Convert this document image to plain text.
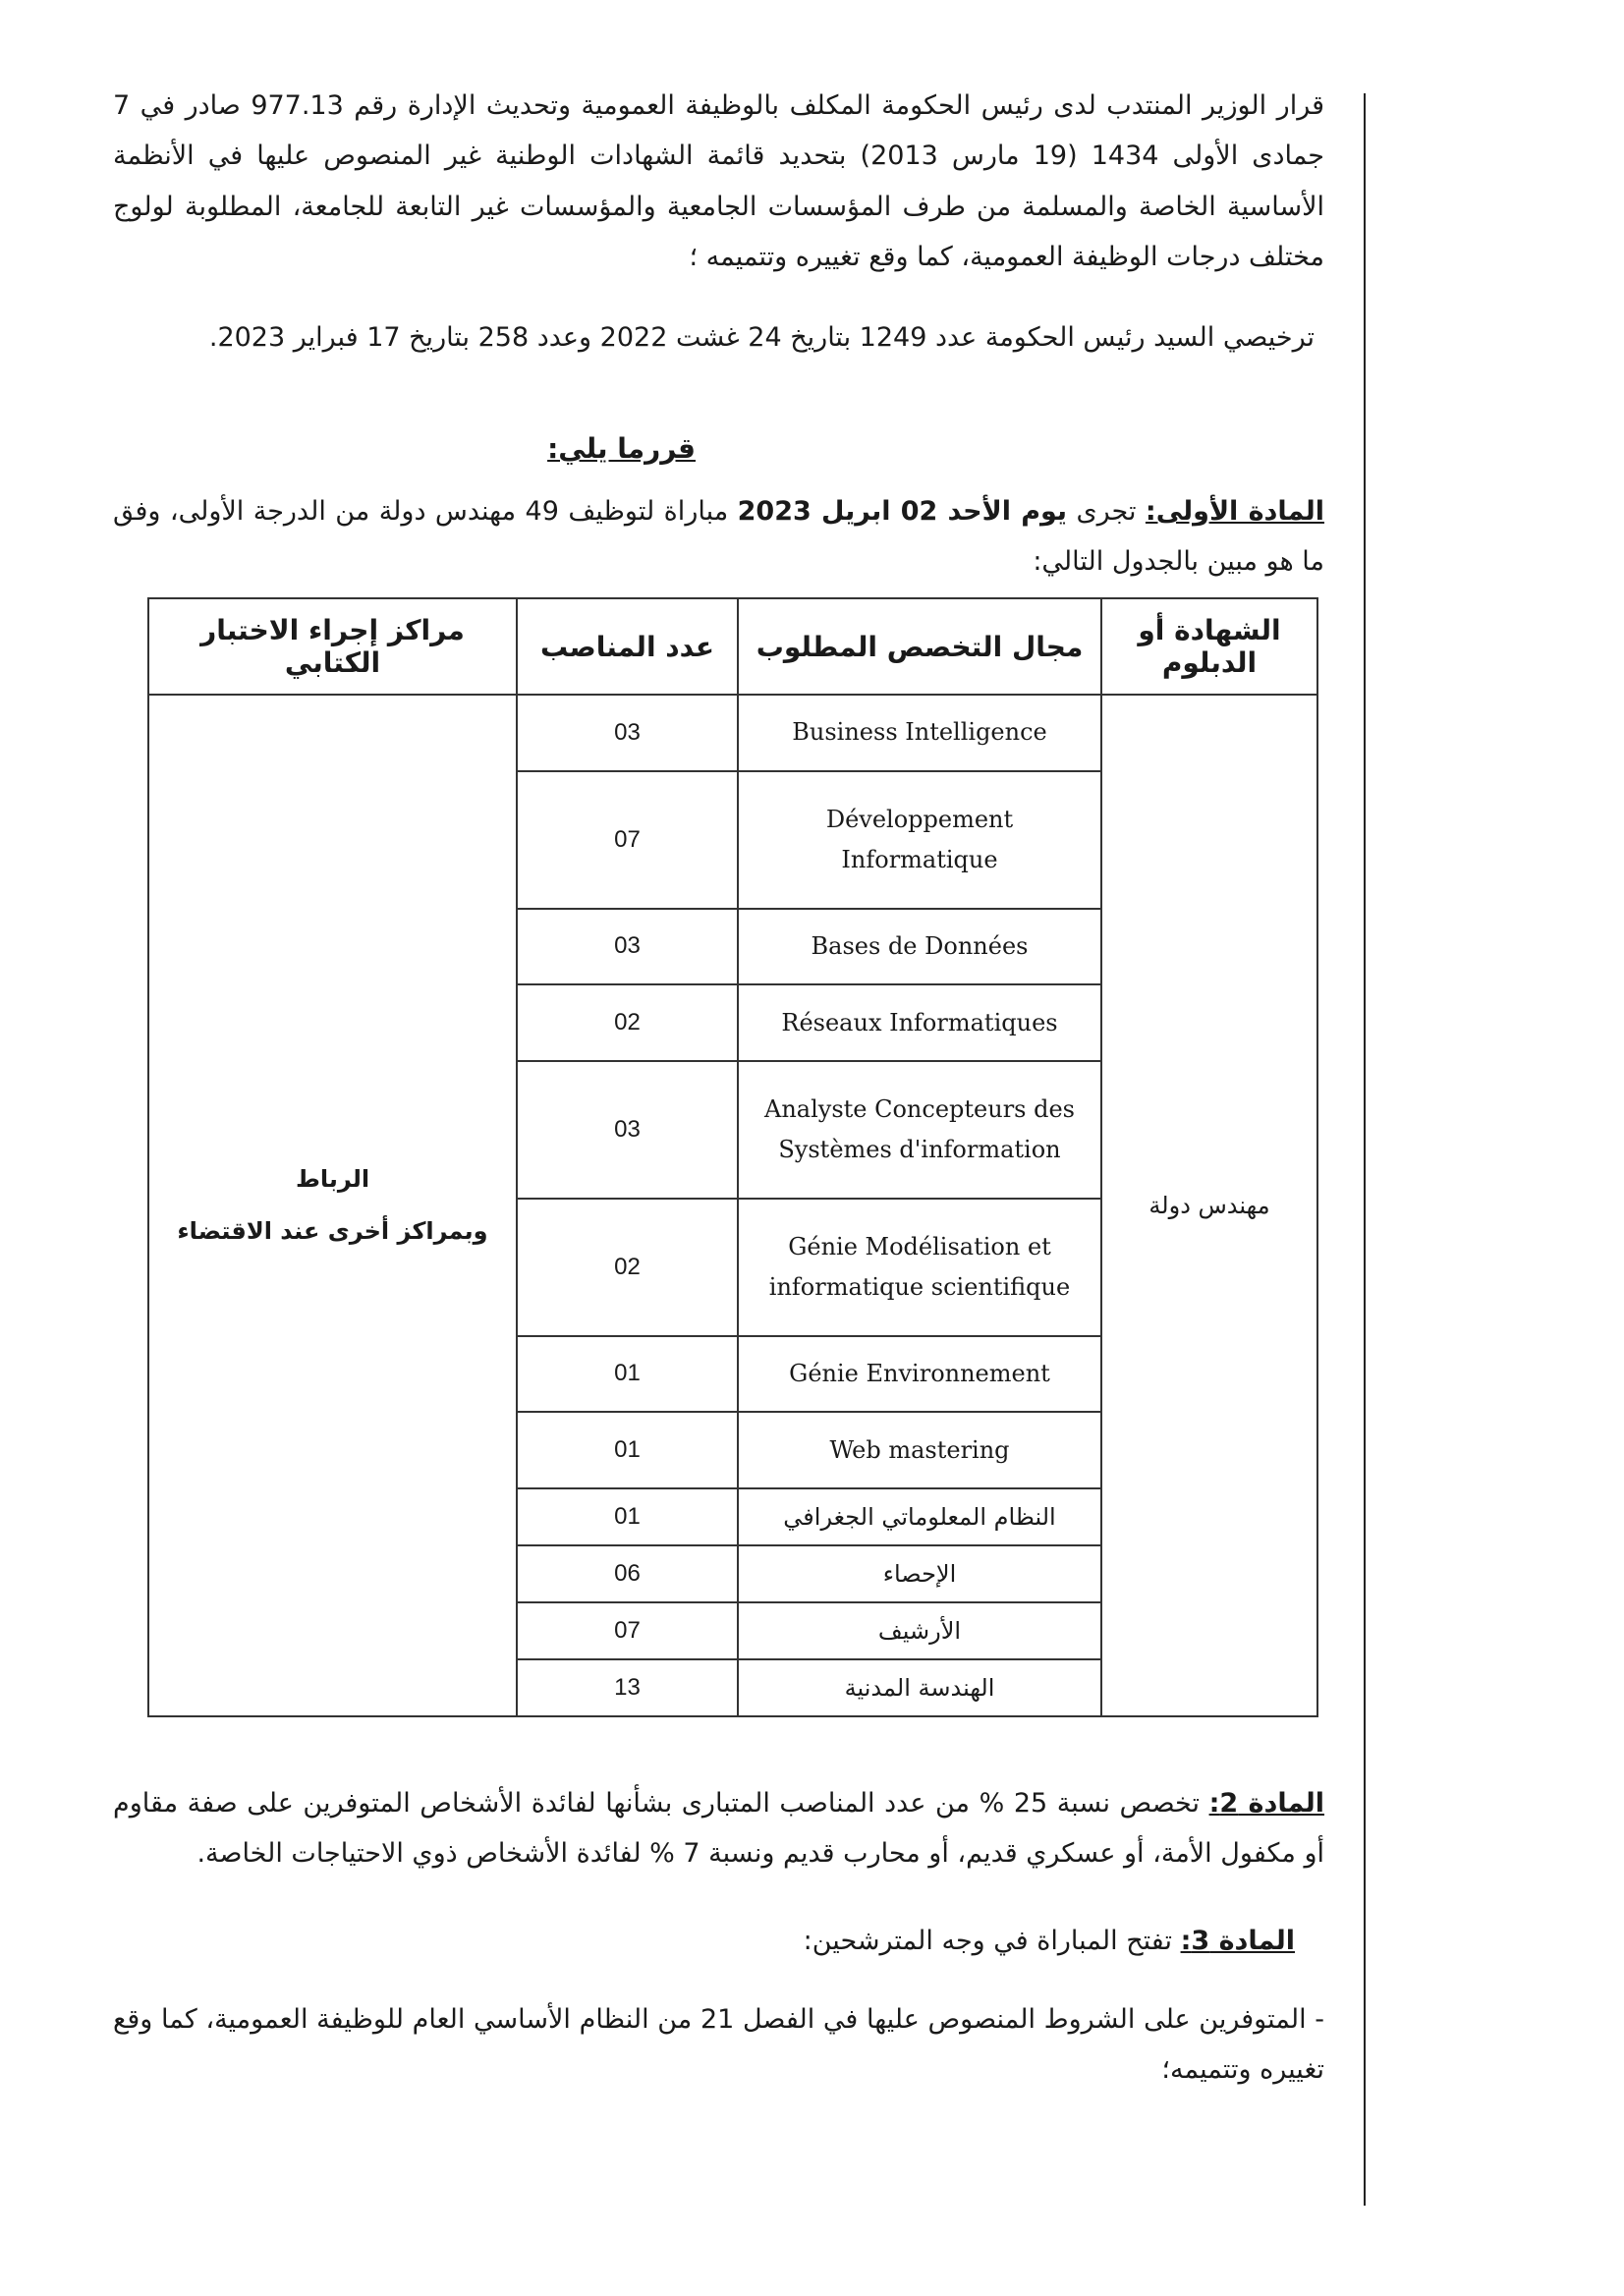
قرار الوزير المنتدب لدى رئيس الحكومة المكلف بالوظيفة العمومية وتحديث الإدارة رقم 977.13 صادر في 7 جمادى الأولى 1434 (19 مارس 2013) بتحديد قائمة الشهادات الوطنية غير المنصوص عليها في الأنظمة الأساسية الخاصة والمسلمة من طرف المؤسسات الجامعية والمؤسسات غير التابعة للجامعة، المطلوبة لولوج مختلف درجات الوظيفة العمومية، كما وقع تغييره وتتميمه ؛

ترخيصي السيد رئيس الحكومة عدد 1249 بتاريخ 24 غشت 2022 وعدد 258 بتاريخ 17 فبراير 2023.

قررما يلي:

المادة الأولى: تجرى يوم الأحد 02 ابريل 2023 مباراة لتوظيف 49 مهندس دولة من الدرجة الأولى، وفق ما هو مبين بالجدول التالي:

الشهادة أو الدبلوم	مجال التخصص المطلوب	عدد المناصب	مراكز إجراء الاختبار الكتابي
مهندس دولة	Business Intelligence	03	الرباط
وبمراكز أخرى عند الاقتضاء

	Développement Informatique	07	
	Bases de Données	03	
	Réseaux Informatiques	02	
	Analyste Concepteurs des Systèmes d'information	03	
	Génie Modélisation et informatique scientifique	02	
	Génie Environnement	01	
	Web mastering	01	
	النظام المعلوماتي الجغرافي	01	
	الإحصاء	06	
	الأرشيف	07	
	الهندسة المدنية	13	

المادة 2: تخصص نسبة 25 % من عدد المناصب المتبارى بشأنها لفائدة الأشخاص المتوفرين على صفة مقاوم أو مكفول الأمة، أو عسكري قديم، أو محارب قديم ونسبة 7 % لفائدة الأشخاص ذوي الاحتياجات الخاصة.

المادة 3: تفتح المباراة في وجه المترشحين:

- المتوفرين على الشروط المنصوص عليها في الفصل 21 من النظام الأساسي العام للوظيفة العمومية، كما وقع تغييره وتتميمه؛
